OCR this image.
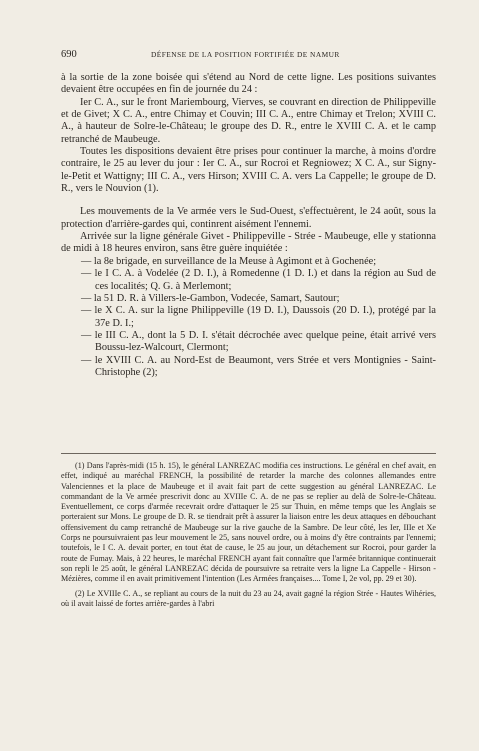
690	DÉFENSE DE LA POSITION FORTIFIÉE DE NAMUR

à la sortie de la zone boisée qui s'étend au Nord de cette ligne. Les positions suivantes devaient être occupées en fin de journée du 24 :

Ier C. A., sur le front Mariembourg, Vierves, se couvrant en direction de Philippeville et de Givet; X C. A., entre Chimay et Couvin; III C. A., entre Chimay et Trelon; XVIII C. A., à hauteur de Solre-le-Château; le groupe des D. R., entre le XVIII C. A. et le camp retranché de Maubeuge.

Toutes les dispositions devaient être prises pour continuer la marche, à moins d'ordre contraire, le 25 au lever du jour : Ier C. A., sur Rocroi et Regniowez; X C. A., sur Signy-le-Petit et Wattigny; III C. A., vers Hirson; XVIII C. A. vers La Cappelle; le groupe de D. R., vers le Nouvion (1).

Les mouvements de la Ve armée vers le Sud-Ouest, s'effectuèrent, le 24 août, sous la protection d'arrière-gardes qui, continrent aisément l'ennemi.

Arrivée sur la ligne générale Givet - Philippeville - Strée - Maubeuge, elle y stationna de midi à 18 heures environ, sans être guère inquiétée :

— la 8e brigade, en surveillance de la Meuse à Agimont et à Gochenée;
— le I C. A. à Vodelée (2 D. I.), à Romedenne (1 D. I.) et dans la région au Sud de ces localités; Q. G. à Merlemont;
— la 51 D. R. à Villers-le-Gambon, Vodecée, Samart, Sautour;
— le X C. A. sur la ligne Philippeville (19 D. I.), Daussois (20 D. I.), protégé par la 37e D. I.;
— le III C. A., dont la 5 D. I. s'était décrochée avec quelque peine, était arrivé vers Boussu-lez-Walcourt, Clermont;
— le XVIII C. A. au Nord-Est de Beaumont, vers Strée et vers Montignies - Saint-Christophe (2);

(1) Dans l'après-midi (15 h. 15), le général LANREZAC modifia ces instructions. Le général en chef avait, en effet, indiqué au maréchal FRENCH, la possibilité de retarder la marche des colonnes allemandes entre Valenciennes et la place de Maubeuge et il avait fait part de cette suggestion au général LANREZAC. Le commandant de la Ve armée prescrivit donc au XVIIIe C. A. de ne pas se replier au delà de Solre-le-Château. Eventuellement, ce corps d'armée recevrait ordre d'attaquer le 25 sur Thuin, en même temps que les Anglais se porteraient sur Mons. Le groupe de D. R. se tiendrait prêt à assurer la liaison entre les deux attaques en débouchant offensivement du camp retranché de Maubeuge sur la rive gauche de la Sambre. De leur côté, les Ier, IIIe et Xe Corps ne poursuivraient pas leur mouvement le 25, sans nouvel ordre, ou à moins d'y être contraints par l'ennemi; toutefois, le I C. A. devait porter, en tout état de cause, le 25 au jour, un détachement sur Rocroi, pour garder la route de Fumay. Mais, à 22 heures, le maréchal FRENCH ayant fait connaître que l'armée britannique continuerait son repli le 25 août, le général LANREZAC décida de poursuivre sa retraite vers la ligne La Cappelle - Hirson - Mézières, comme il en avait primitivement l'intention (Les Armées françaises.... Tome I, 2e vol, pp. 29 et 30).

(2) Le XVIIIe C. A., se repliant au cours de la nuit du 23 au 24, avait gagné la région Strée - Hautes Wihéries, où il avait laissé de fortes arrière-gardes à l'abri
